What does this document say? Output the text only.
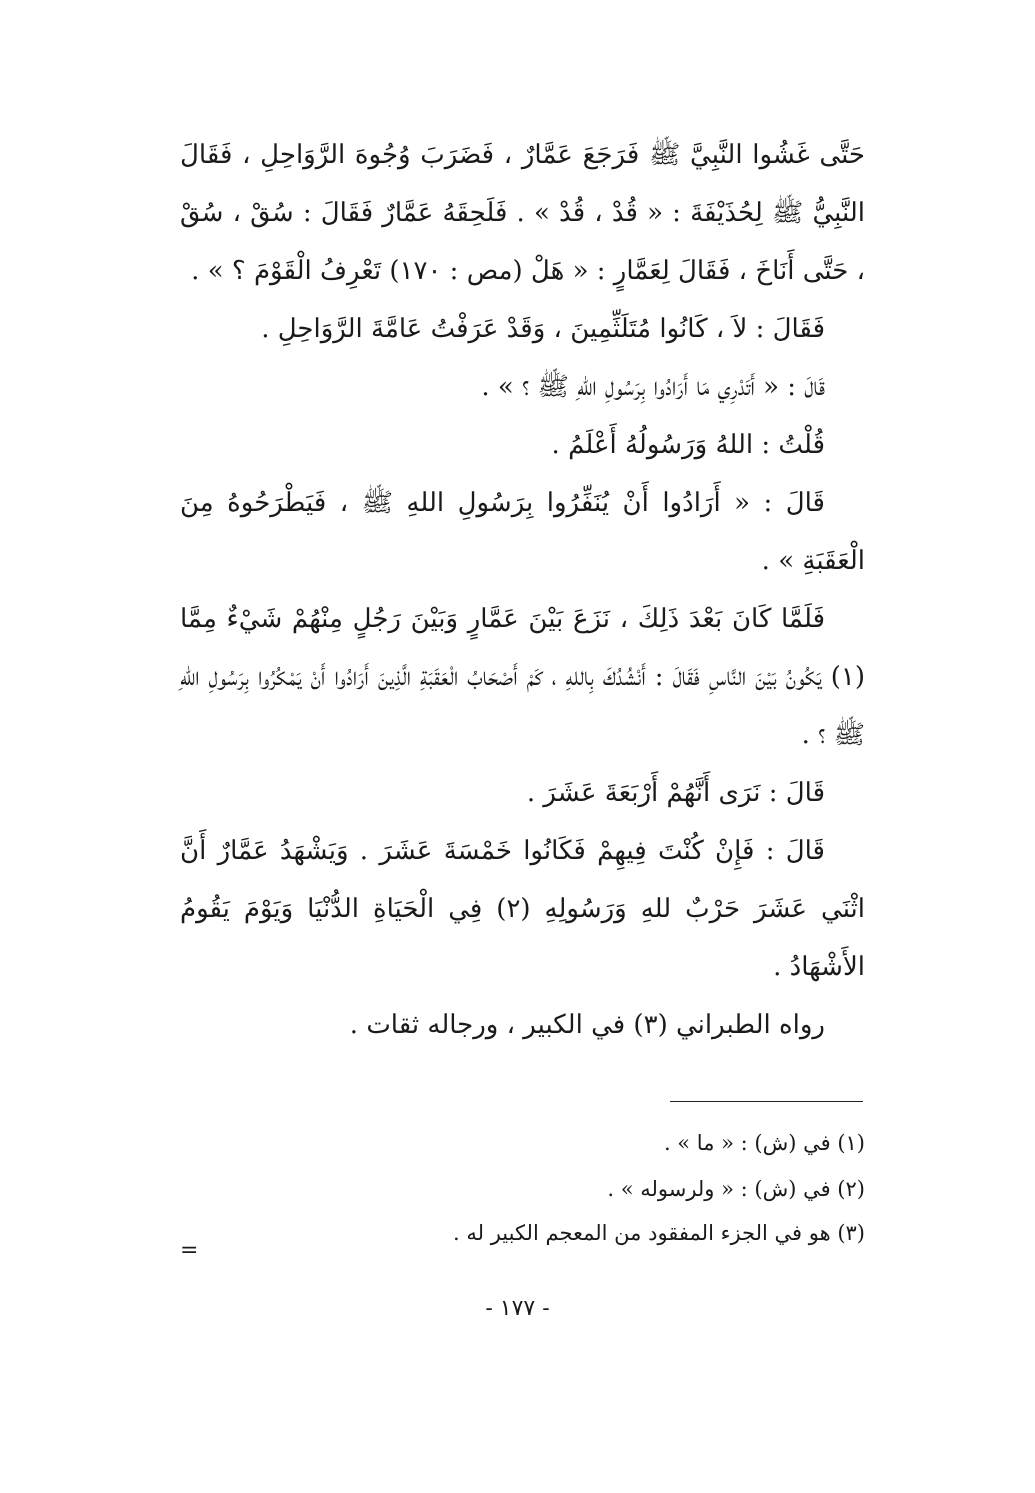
حَتَّى غَشُوا النَّبِيَّ ﷺ فَرَجَعَ عَمَّارٌ ، فَضَرَبَ وُجُوهَ الرَّوَاحِلِ ، فَقَالَ النَّبِيُّ ﷺ لِحُذَيْفَةَ : « قُدْ ، قُدْ » . فَلَحِقَهُ عَمَّارٌ فَقَالَ : سُقْ ، سُقْ ، حَتَّى أَنَاخَ ، فَقَالَ لِعَمَّارٍ : « هَلْ (مص : ١٧٠) تَعْرِفُ الْقَوْمَ ؟ » .

فَقَالَ : لاَ ، كَانُوا مُتَلَثِّمِينَ ، وَقَدْ عَرَفْتُ عَامَّةَ الرَّوَاحِلِ .

قَالَ : « أَتَدْرِي مَا أَرَادُوا بِرَسُولِ اللهِ ﷺ ؟ » .

قُلْتُ : اللهُ وَرَسُولُهُ أَعْلَمُ .

قَالَ : « أَرَادُوا أَنْ يُنَفِّرُوا بِرَسُولِ اللهِ ﷺ ، فَيَطْرَحُوهُ مِنَ الْعَقَبَةِ » .

فَلَمَّا كَانَ بَعْدَ ذَلِكَ ، نَزَعَ بَيْنَ عَمَّارٍ وَبَيْنَ رَجُلٍ مِنْهُمْ شَيْءٌ مِمَّا (١) يَكُونُ بَيْنَ النَّاسِ فَقَالَ : أَنْشُدُكَ بِاللهِ ، كَمْ أَصْحَابُ الْعَقَبَةِ الَّذِينَ أَرَادُوا أَنْ يَمْكُرُوا بِرَسُولِ اللهِ ﷺ ؟ .

قَالَ : نَرَى أَنَّهُمْ أَرْبَعَةَ عَشَرَ .

قَالَ : فَإِنْ كُنْتَ فِيهِمْ فَكَانُوا خَمْسَةَ عَشَرَ . وَيَشْهَدُ عَمَّارٌ أَنَّ اثْنَي عَشَرَ حَرْبٌ للهِ وَرَسُولِهِ (٢) فِي الْحَيَاةِ الدُّنْيَا وَيَوْمَ يَقُومُ الأَشْهَادُ .

رواه الطبراني (٣) في الكبير ، ورجاله ثقات .

(١) في (ش) : « ما » .
(٢) في (ش) : « ولرسوله » .
(٣) هو في الجزء المفقود من المعجم الكبير له .
=
- ١٧٧ -
